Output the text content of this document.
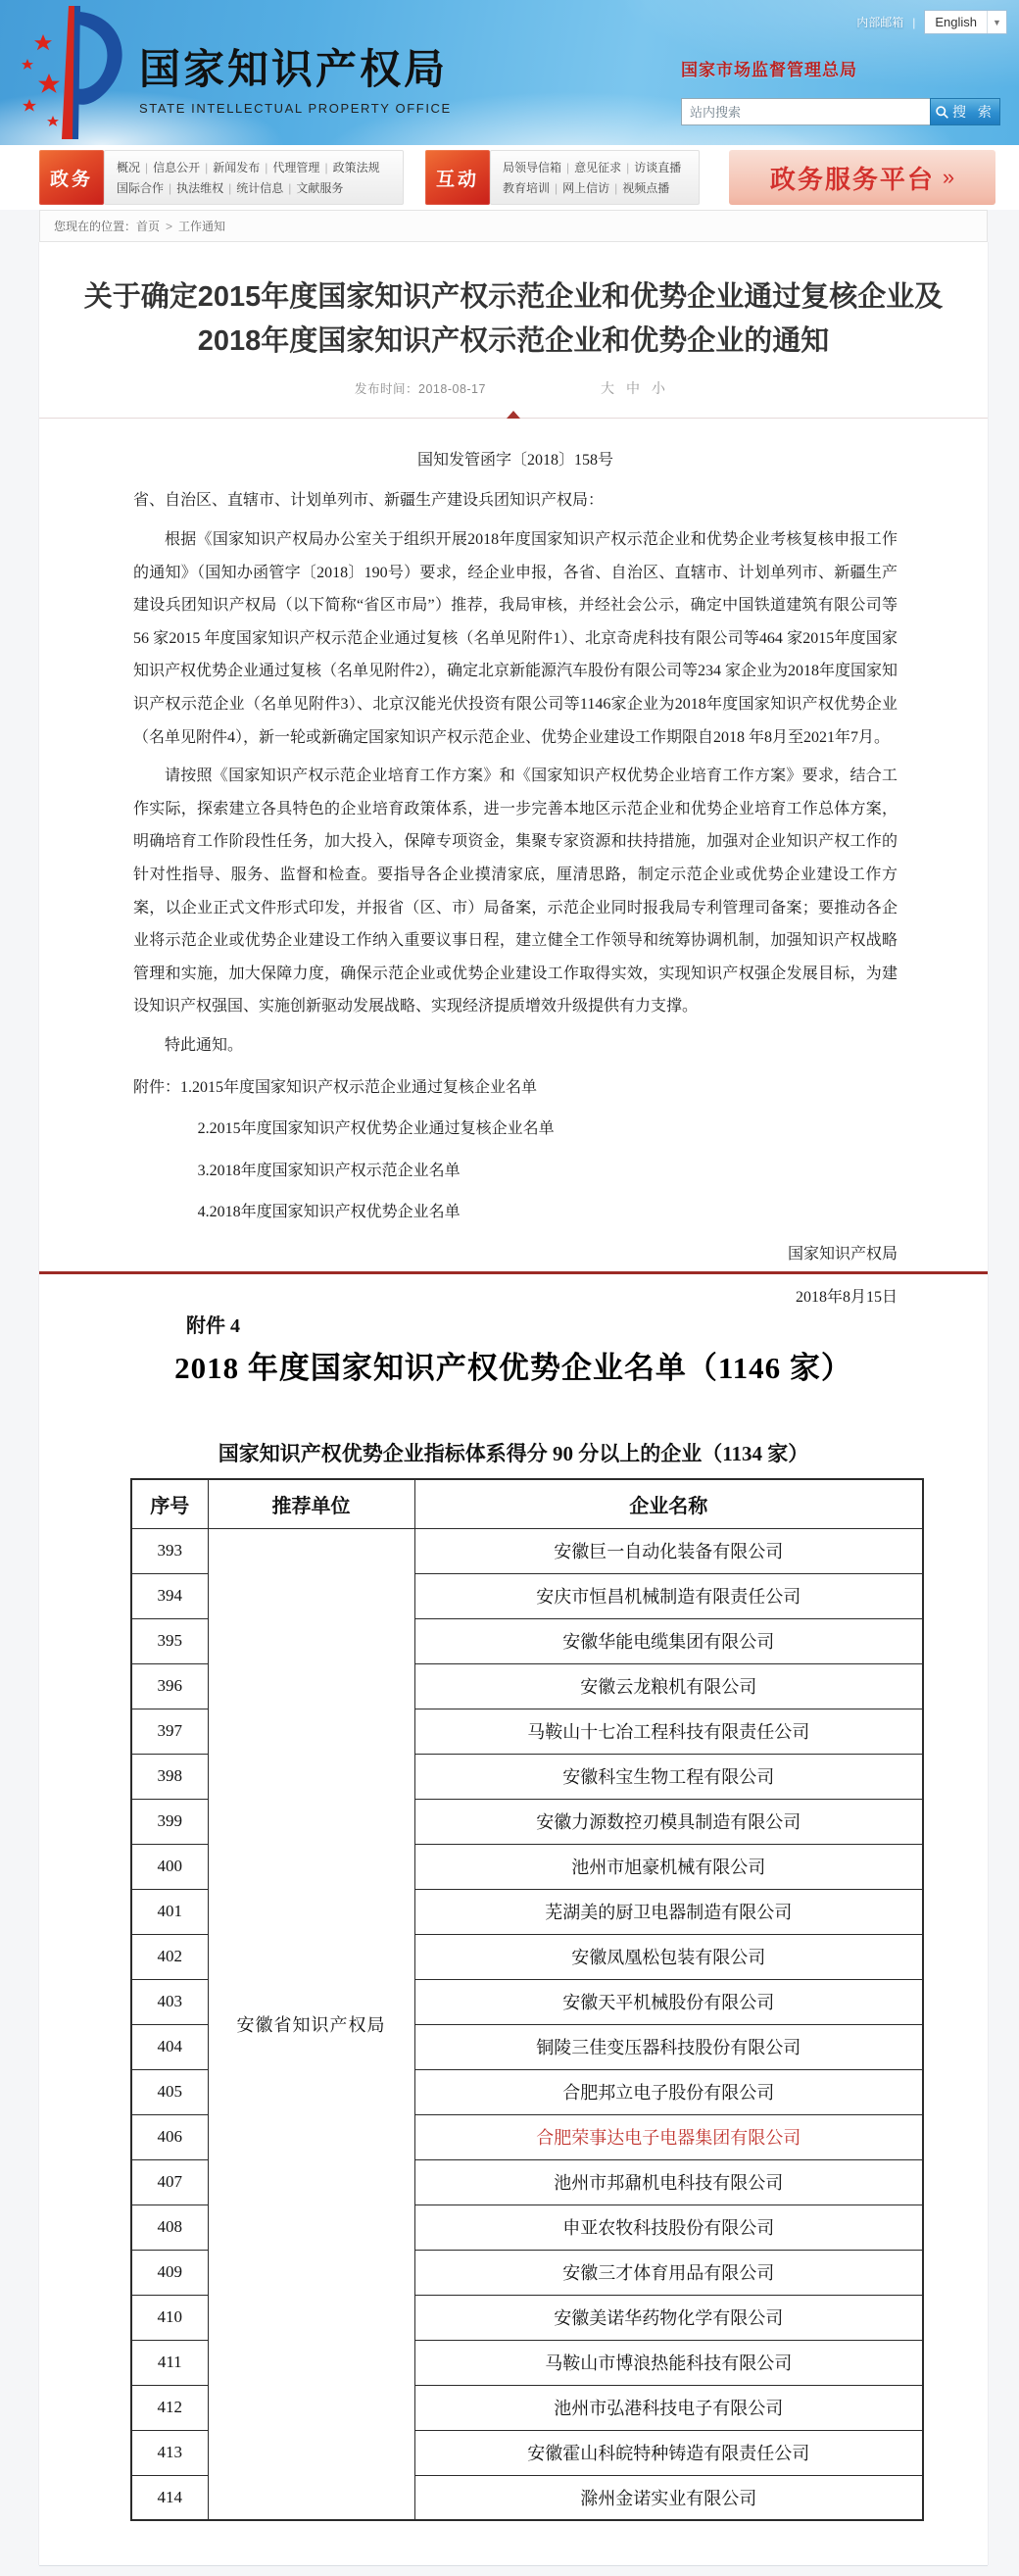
国家知识产权局
STATE INTELLECTUAL PROPERTY OFFICE
内部邮箱 |	English	▼
国家市场监督管理总局
站内搜索
搜 索
政务
概况 | 信息公开 | 新闻发布 | 代理管理 | 政策法规
国际合作 | 执法维权 | 统计信息 | 文献服务	互动
局领导信箱 | 意见征求 | 访谈直播
教育培训 | 网上信访 | 视频点播	政务服务平台 »
您现在的位置： 首页 > 工作通知
关于确定2015年度国家知识产权示范企业和优势企业通过复核企业及
2018年度国家知识产权示范企业和优势企业的通知
发布时间：2018-08-17	大 中 小

国知发管函字〔2018〕158号

省、自治区、直辖市、计划单列市、新疆生产建设兵团知识产权局：

根据《国家知识产权局办公室关于组织开展2018年度国家知识产权示范企业和优势企业考核复核申报工作的通知》（国知办函管字〔2018〕190号）要求，经企业申报，各省、自治区、直辖市、计划单列市、新疆生产建设兵团知识产权局（以下简称“省区市局”）推荐，我局审核，并经社会公示，确定中国铁道建筑有限公司等56 家2015 年度国家知识产权示范企业通过复核（名单见附件1）、北京奇虎科技有限公司等464 家2015年度国家知识产权优势企业通过复核（名单见附件2），确定北京新能源汽车股份有限公司等234 家企业为2018年度国家知识产权示范企业（名单见附件3）、北京汉能光伏投资有限公司等1146家企业为2018年度国家知识产权优势企业（名单见附件4），新一轮或新确定国家知识产权示范企业、优势企业建设工作期限自2018 年8月至2021年7月。

请按照《国家知识产权示范企业培育工作方案》和《国家知识产权优势企业培育工作方案》要求，结合工作实际，探索建立各具特色的企业培育政策体系，进一步完善本地区示范企业和优势企业培育工作总体方案，明确培育工作阶段性任务，加大投入，保障专项资金，集聚专家资源和扶持措施，加强对企业知识产权工作的针对性指导、服务、监督和检查。要指导各企业摸清家底，厘清思路，制定示范企业或优势企业建设工作方案，以企业正式文件形式印发，并报省（区、市）局备案，示范企业同时报我局专利管理司备案；要推动各企业将示范企业或优势企业建设工作纳入重要议事日程，建立健全工作领导和统筹协调机制，加强知识产权战略管理和实施，加大保障力度，确保示范企业或优势企业建设工作取得实效，实现知识产权强企发展目标，为建设知识产权强国、实施创新驱动发展战略、实现经济提质增效升级提供有力支撑。

特此通知。

附件：1.2015年度国家知识产权示范企业通过复核企业名单
2.2015年度国家知识产权优势企业通过复核企业名单
3.2018年度国家知识产权示范企业名单
4.2018年度国家知识产权优势企业名单

国家知识产权局

2018年8月15日

附件 4
2018 年度国家知识产权优势企业名单（1146 家）
国家知识产权优势企业指标体系得分 90 分以上的企业（1134 家）
序号	推荐单位	企业名称
393	安徽省知识产权局	安徽巨一自动化装备有限公司
394		安庆市恒昌机械制造有限责任公司
395		安徽华能电缆集团有限公司
396		安徽云龙粮机有限公司
397		马鞍山十七冶工程科技有限责任公司
398		安徽科宝生物工程有限公司
399		安徽力源数控刃模具制造有限公司
400		池州市旭豪机械有限公司
401		芜湖美的厨卫电器制造有限公司
402		安徽凤凰松包装有限公司
403		安徽天平机械股份有限公司
404		铜陵三佳变压器科技股份有限公司
405		合肥邦立电子股份有限公司
406		合肥荣事达电子电器集团有限公司
407		池州市邦鼐机电科技有限公司
408		申亚农牧科技股份有限公司
409		安徽三才体育用品有限公司
410		安徽美诺华药物化学有限公司
411		马鞍山市博浪热能科技有限公司
412		池州市弘港科技电子有限公司
413		安徽霍山科皖特种铸造有限责任公司
414		滁州金诺实业有限公司
